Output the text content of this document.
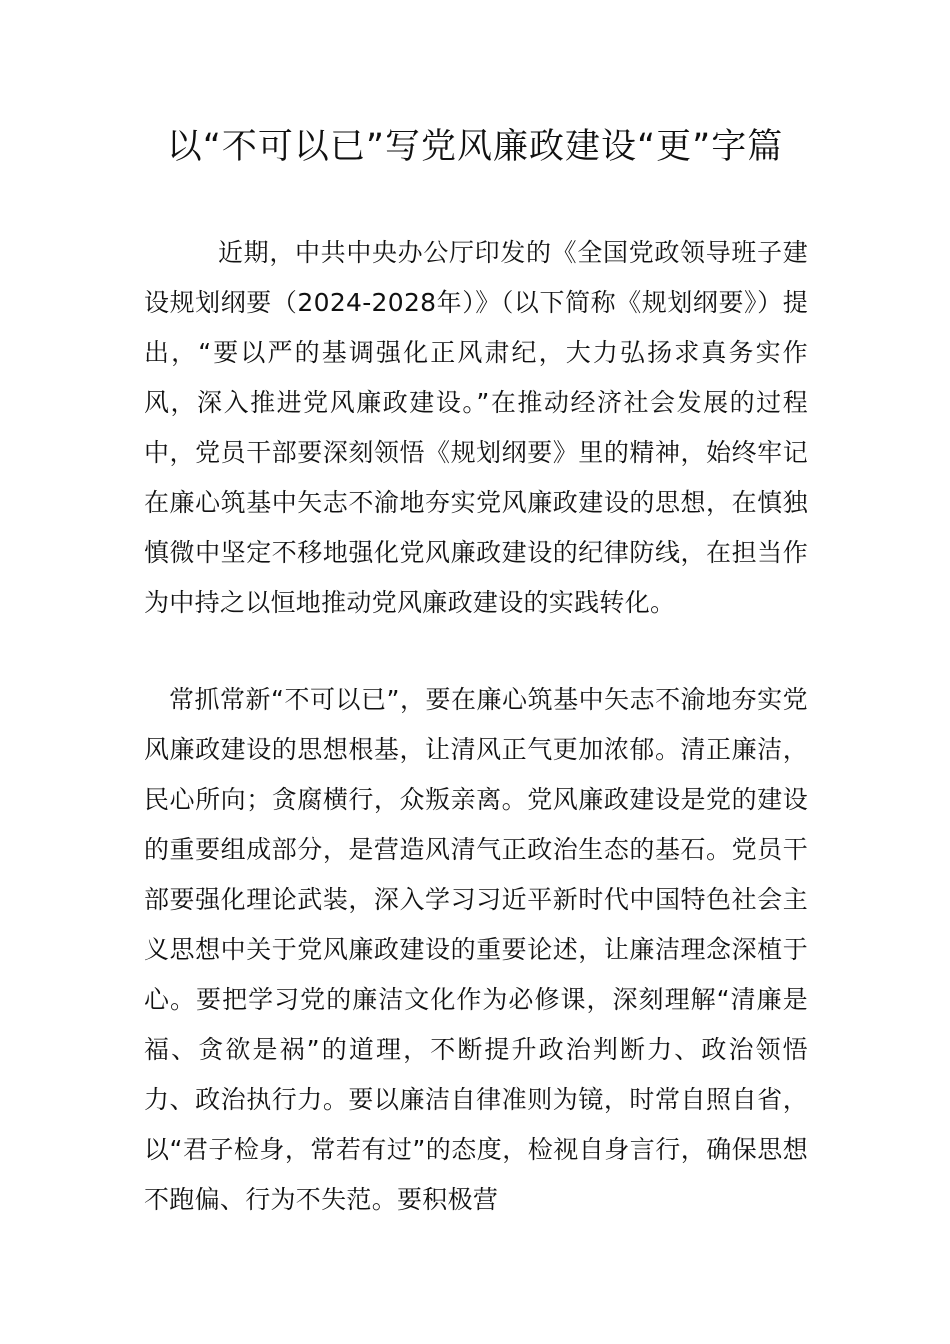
以“不可以已”写党风廉政建设“更”字篇

近期，中共中央办公厅印发的《全国党政领导班子建设规划纲要（2024-2028年）》（以下简称《规划纲要》）提出，“要以严的基调强化正风肃纪，大力弘扬求真务实作风，深入推进党风廉政建设。”在推动经济社会发展的过程中，党员干部要深刻领悟《规划纲要》里的精神，始终牢记在廉心筑基中矢志不渝地夯实党风廉政建设的思想，在慎独慎微中坚定不移地强化党风廉政建设的纪律防线，在担当作为中持之以恒地推动党风廉政建设的实践转化。

常抓常新“不可以已”，要在廉心筑基中矢志不渝地夯实党风廉政建设的思想根基，让清风正气更加浓郁。清正廉洁，民心所向；贪腐横行，众叛亲离。党风廉政建设是党的建设的重要组成部分，是营造风清气正政治生态的基石。党员干部要强化理论武装，深入学习习近平新时代中国特色社会主义思想中关于党风廉政建设的重要论述，让廉洁理念深植于心。要把学习党的廉洁文化作为必修课，深刻理解“清廉是福、贪欲是祸”的道理，不断提升政治判断力、政治领悟力、政治执行力。要以廉洁自律准则为镜，时常自照自省，以“君子检身，常若有过”的态度，检视自身言行，确保思想不跑偏、行为不失范。要积极营
